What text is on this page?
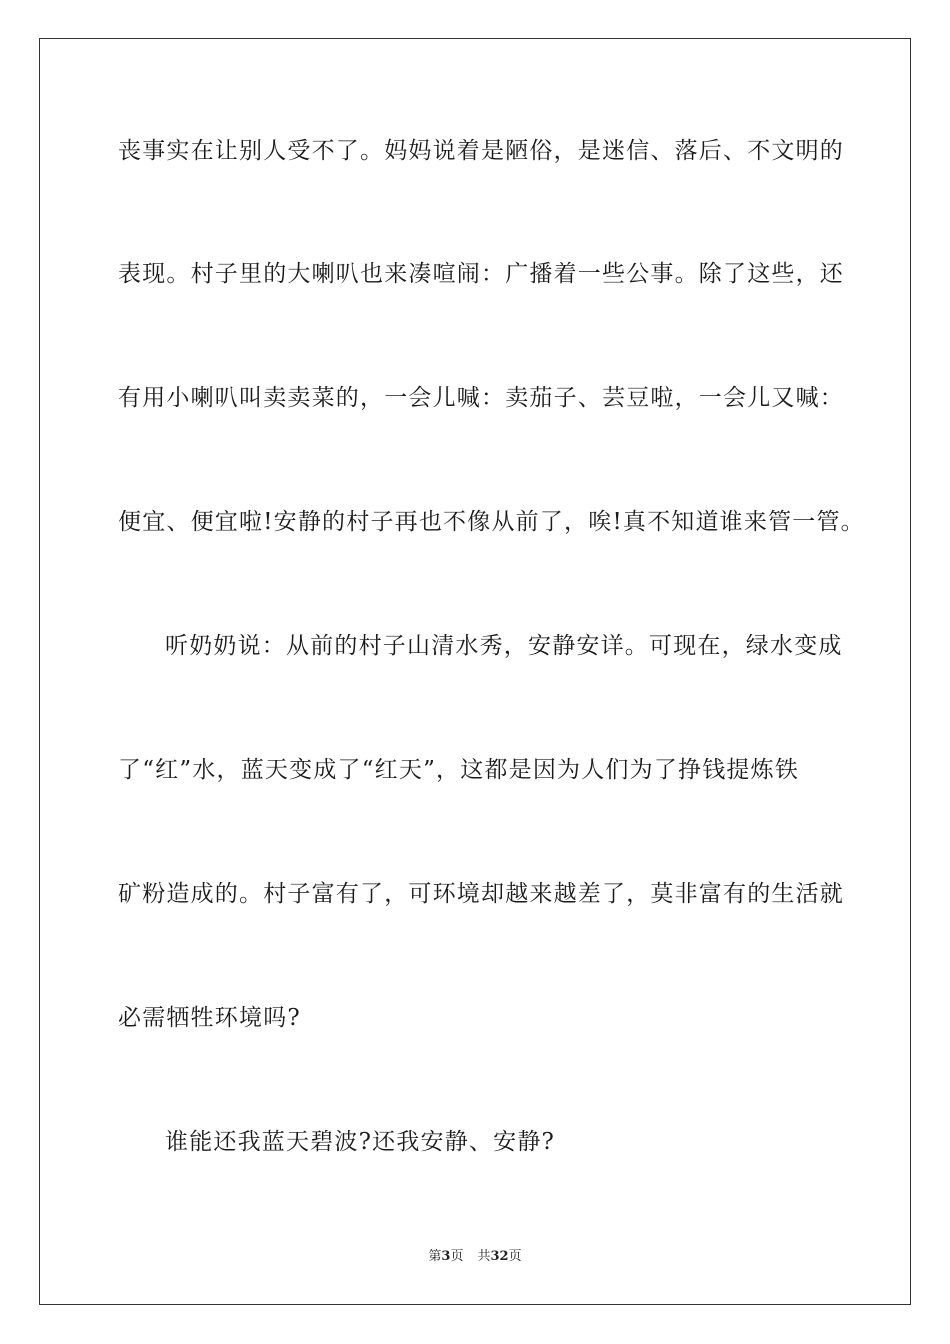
丧事实在让别人受不了。妈妈说着是陋俗，是迷信、落后、不文明的
表现。村子里的大喇叭也来凑喧闹：广播着一些公事。除了这些，还
有用小喇叭叫卖卖菜的，一会儿喊：卖茄子、芸豆啦，一会儿又喊：
便宜、便宜啦!安静的村子再也不像从前了，唉!真不知道谁来管一管。
听奶奶说：从前的村子山清水秀，安静安详。可现在，绿水变成
了“红”水，蓝天变成了“红天”，这都是因为人们为了挣钱提炼铁
矿粉造成的。村子富有了，可环境却越来越差了，莫非富有的生活就
必需牺牲环境吗?
谁能还我蓝天碧波?还我安静、安静?
第3页 共32页
